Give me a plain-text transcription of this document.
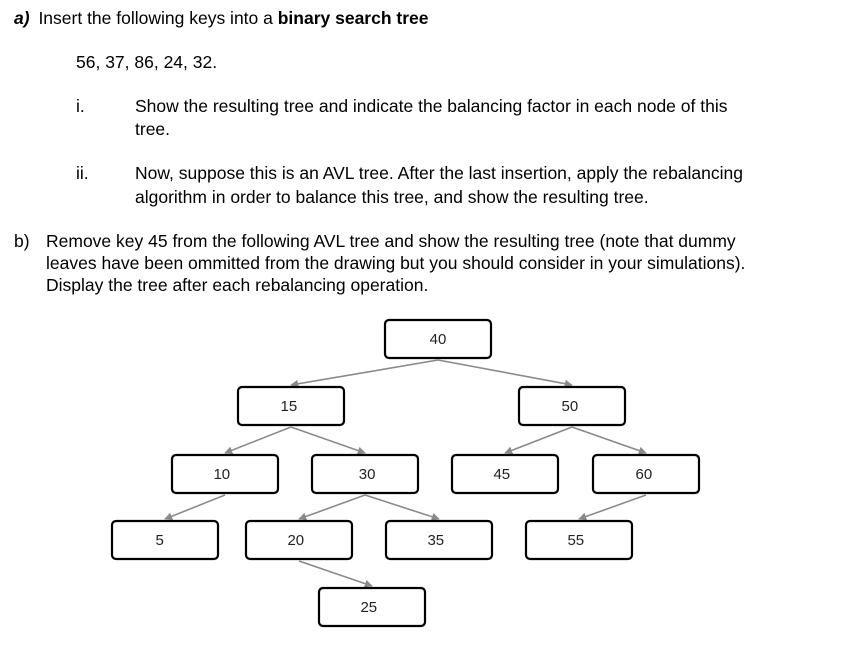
a) Insert the following keys into a binary search tree
56, 37, 86, 24, 32.
i.	Show the resulting tree and indicate the balancing factor in each node of this
tree.
ii.	Now, suppose this is an AVL tree. After the last insertion, apply the rebalancing
algorithm in order to balance this tree, and show the resulting tree.
b) Remove key 45 from the following AVL tree and show the resulting tree (note that dummy
leaves have been ommitted from the drawing but you should consider in your simulations).
Display the tree after each rebalancing operation.
40
15	50
10	30	45	60
5	20	35	55
25
